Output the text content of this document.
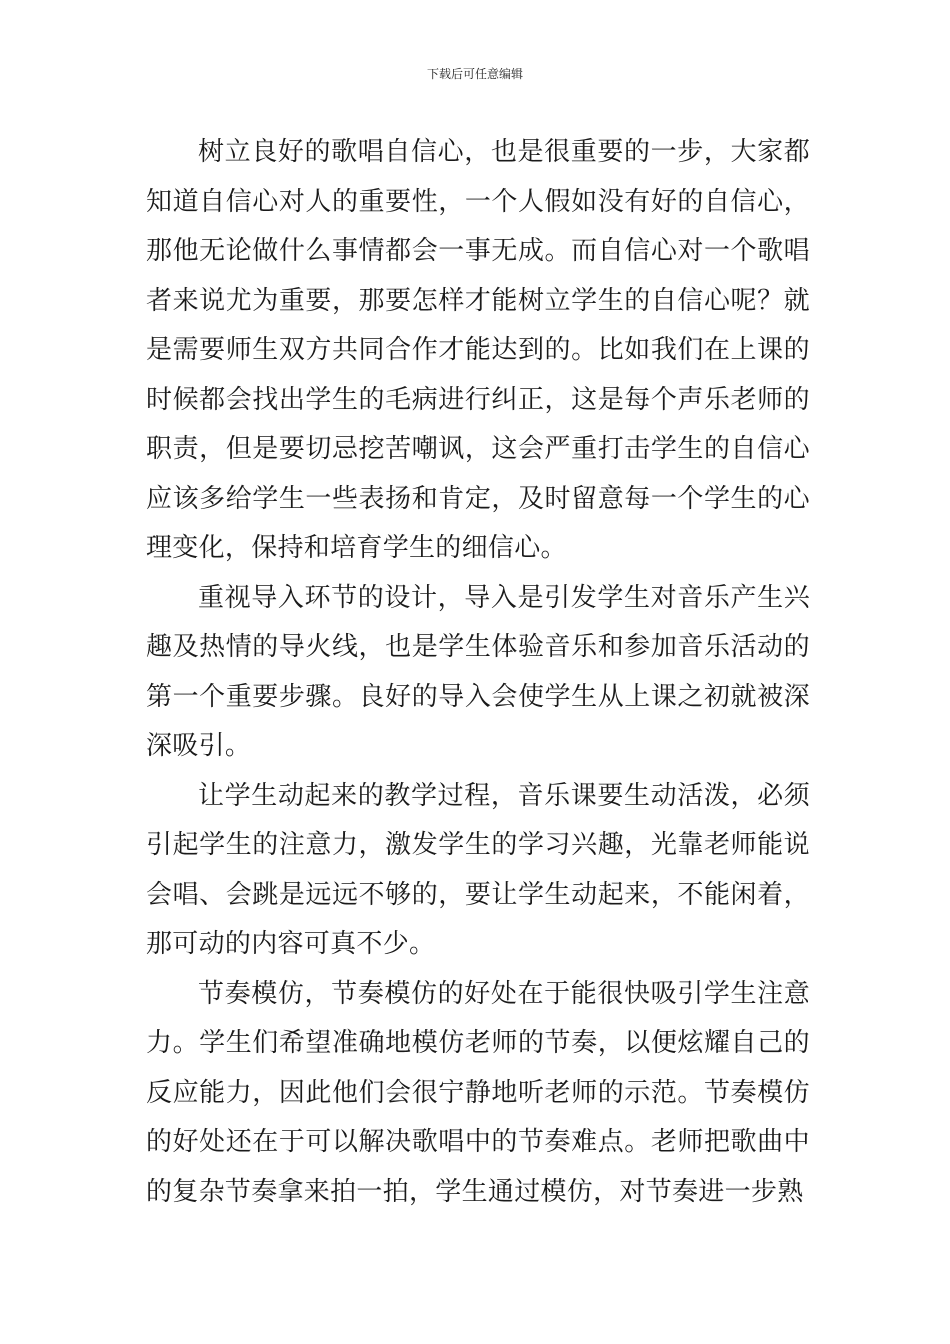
下载后可任意编辑

树立良好的歌唱自信心，也是很重要的一步，大家都知道自信心对人的重要性，一个人假如没有好的自信心，那他无论做什么事情都会一事无成。而自信心对一个歌唱者来说尤为重要，那要怎样才能树立学生的自信心呢？就是需要师生双方共同合作才能达到的。比如我们在上课的时候都会找出学生的毛病进行纠正，这是每个声乐老师的职责，但是要切忌挖苦嘲讽，这会严重打击学生的自信心应该多给学生一些表扬和肯定，及时留意每一个学生的心理变化，保持和培育学生的细信心。

重视导入环节的设计，导入是引发学生对音乐产生兴趣及热情的导火线，也是学生体验音乐和参加音乐活动的第一个重要步骤。良好的导入会使学生从上课之初就被深深吸引。

让学生动起来的教学过程，音乐课要生动活泼，必须引起学生的注意力，激发学生的学习兴趣，光靠老师能说会唱、会跳是远远不够的，要让学生动起来，不能闲着，那可动的内容可真不少。

节奏模仿，节奏模仿的好处在于能很快吸引学生注意力。学生们希望准确地模仿老师的节奏，以便炫耀自己的反应能力，因此他们会很宁静地听老师的示范。节奏模仿的好处还在于可以解决歌唱中的节奏难点。老师把歌曲中的复杂节奏拿来拍一拍，学生通过模仿，对节奏进一步熟
